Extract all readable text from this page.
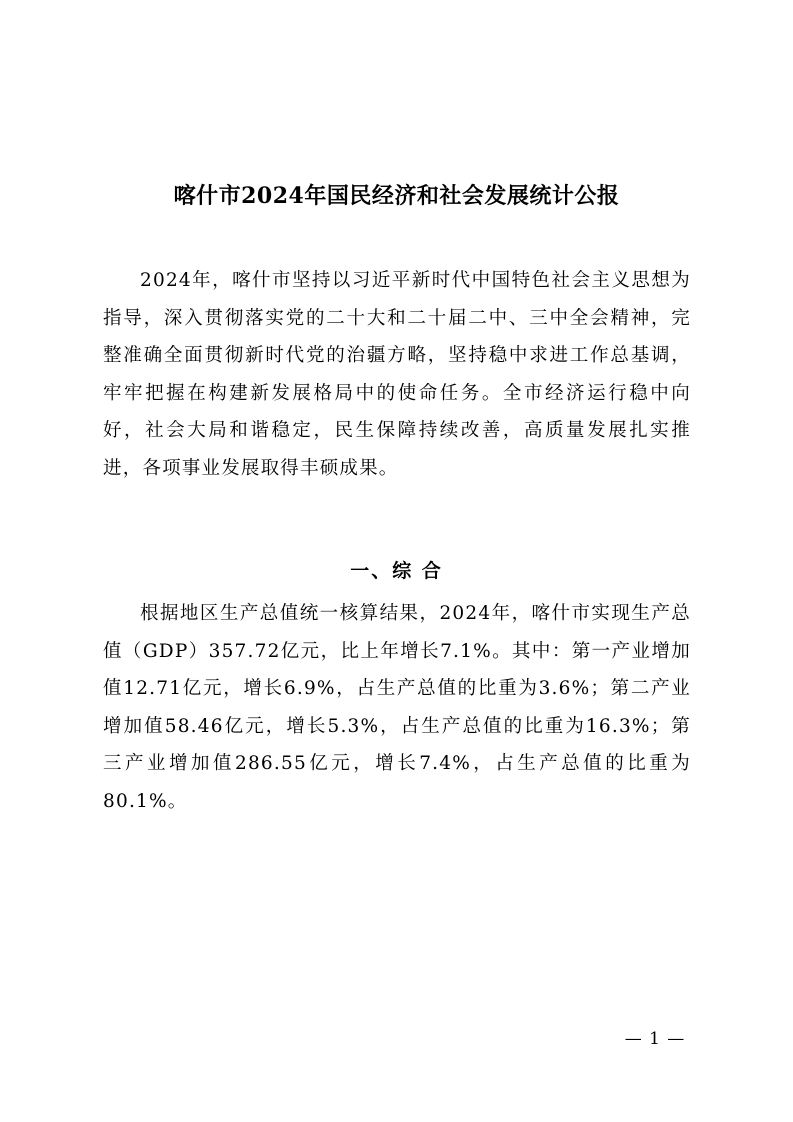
喀什市2024年国民经济和社会发展统计公报
2024年，喀什市坚持以习近平新时代中国特色社会主义思想为指导，深入贯彻落实党的二十大和二十届二中、三中全会精神，完整准确全面贯彻新时代党的治疆方略，坚持稳中求进工作总基调，牢牢把握在构建新发展格局中的使命任务。全市经济运行稳中向好，社会大局和谐稳定，民生保障持续改善，高质量发展扎实推进，各项事业发展取得丰硕成果。
一、综 合
根据地区生产总值统一核算结果，2024年，喀什市实现生产总值（GDP）357.72亿元，比上年增长7.1%。其中：第一产业增加值12.71亿元，增长6.9%，占生产总值的比重为3.6%；第二产业增加值58.46亿元，增长5.3%，占生产总值的比重为16.3%；第三产业增加值286.55亿元，增长7.4%，占生产总值的比重为80.1%。
— 1 —
